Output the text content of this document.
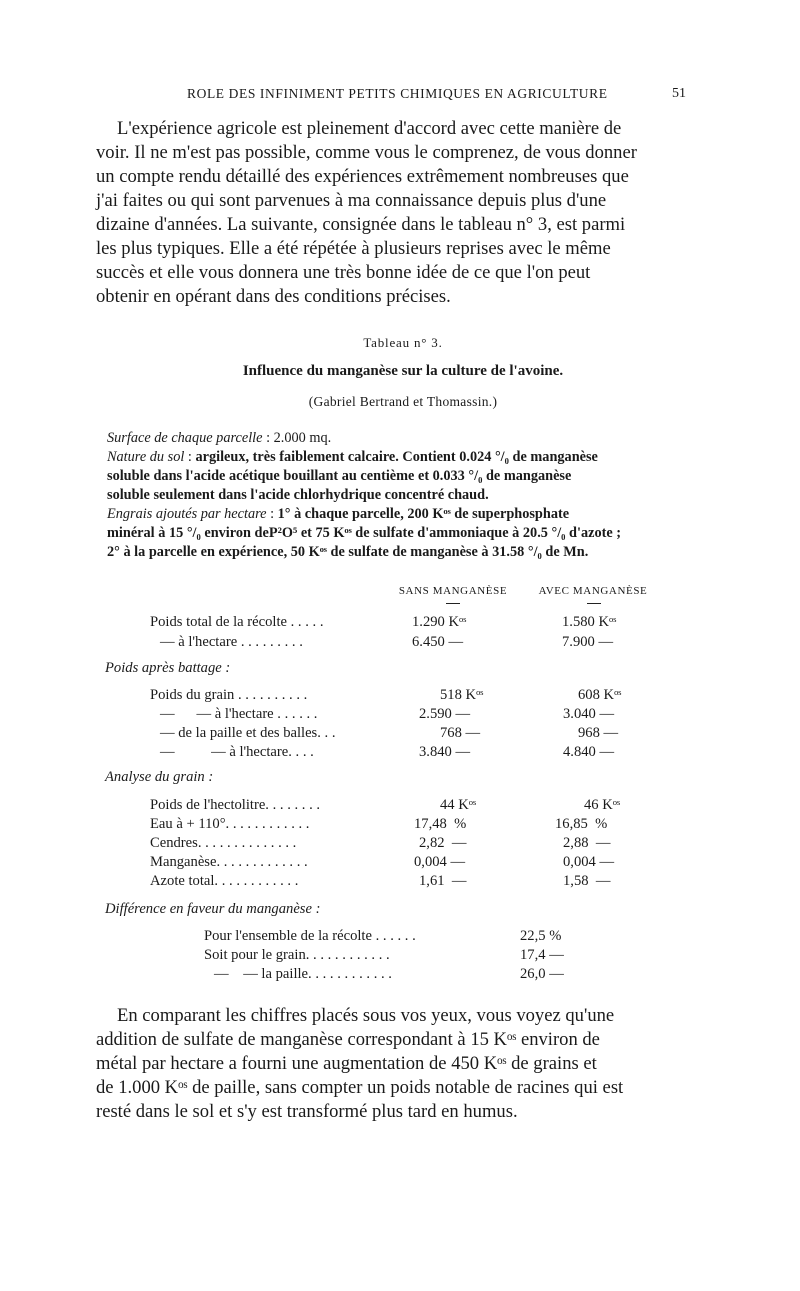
ROLE DES INFINIMENT PETITS CHIMIQUES EN AGRICULTURE	51
L'expérience agricole est pleinement d'accord avec cette manière de
voir. Il ne m'est pas possible, comme vous le comprenez, de vous donner
un compte rendu détaillé des expériences extrêmement nombreuses que
j'ai faites ou qui sont parvenues à ma connaissance depuis plus d'une
dizaine d'années. La suivante, consignée dans le tableau n° 3, est parmi
les plus typiques. Elle a été répétée à plusieurs reprises avec le même
succès et elle vous donnera une très bonne idée de ce que l'on peut
obtenir en opérant dans des conditions précises.
Tableau n° 3.
Influence du manganèse sur la culture de l'avoine.
(Gabriel Bertrand et Thomassin.)
Surface de chaque parcelle : 2.000 mq.
Nature du sol : argileux, très faiblement calcaire. Contient 0.024 °/₀ de manganèse
soluble dans l'acide acétique bouillant au centième et 0.033 °/₀ de manganèse
soluble seulement dans l'acide chlorhydrique concentré chaud.
Engrais ajoutés par hectare : 1° à chaque parcelle, 200 Kᵒˢ de superphosphate
minéral à 15 °/₀ environ deP²O⁵ et 75 Kᵒˢ de sulfate d'ammoniaque à 20.5 °/₀ d'azote ;
2° à la parcelle en expérience, 50 Kᵒˢ de sulfate de manganèse à 31.58 °/₀ de Mn.
SANS MANGANÈSE	AVEC MANGANÈSE
Poids total de la récolte . . . . .	1.290 Kᵒˢ	1.580 Kᵒˢ
— à l'hectare . . . . . . . . .	6.450 —	7.900 —
Poids après battage :
Poids du grain . . . . . . . . . .	518 Kᵒˢ	608 Kᵒˢ
—      — à l'hectare . . . . . .	2.590 —	3.040 —
— de la paille et des balles. . .	768 —	968 —
—          — à l'hectare. . . .	3.840 —	4.840 —
Analyse du grain :
Poids de l'hectolitre. . . . . . . .	44 Kᵒˢ	46 Kᵒˢ
Eau à + 110°. . . . . . . . . . . .	17,48  %	16,85  %
Cendres. . . . . . . . . . . . . .	2,82  —	2,88  —
Manganèse. . . . . . . . . . . . .	0,004 —	0,004 —
Azote total. . . . . . . . . . . .	1,61  —	1,58  —
Différence en faveur du manganèse :
Pour l'ensemble de la récolte . . . . . .	22,5 %
Soit pour le grain. . . . . . . . . . . .	17,4 —
—    — la paille. . . . . . . . . . . .	26,0 —
En comparant les chiffres placés sous vos yeux, vous voyez qu'une
addition de sulfate de manganèse correspondant à 15 Kᵒˢ environ de
métal par hectare a fourni une augmentation de 450 Kᵒˢ de grains et
de 1.000 Kᵒˢ de paille, sans compter un poids notable de racines qui est
resté dans le sol et s'y est transformé plus tard en humus.
